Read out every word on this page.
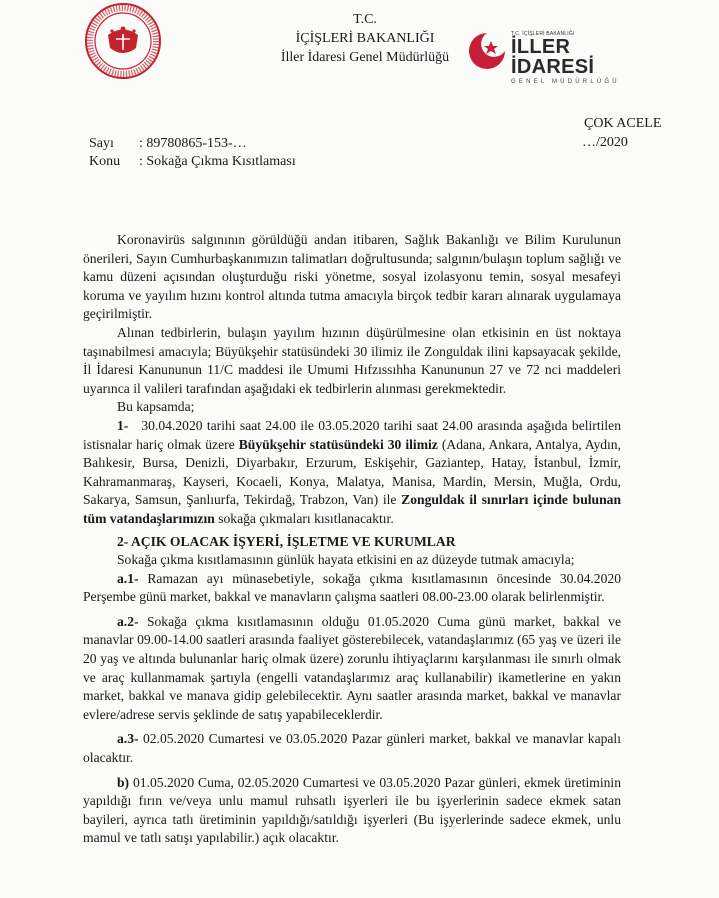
T.C.
İÇİŞLERİ BAKANLIĞI
İller İdaresi Genel Müdürlüğü
T.C. İÇİŞLERİ BAKANLIĞI
İLLER İDARESİ
GENEL MÜDÜRLÜĞÜ
ÇOK ACELE
…/2020
Sayı : 89780865-153-…
Konu : Sokağa Çıkma Kısıtlaması

Koronavirüs salgınının görüldüğü andan itibaren, Sağlık Bakanlığı ve Bilim Kurulunun önerileri, Sayın Cumhurbaşkanımızın talimatları doğrultusunda; salgının/bulaşın toplum sağlığı ve kamu düzeni açısından oluşturduğu riski yönetme, sosyal izolasyonu temin, sosyal mesafeyi koruma ve yayılım hızını kontrol altında tutma amacıyla birçok tedbir kararı alınarak uygulamaya geçirilmiştir.

Alınan tedbirlerin, bulaşın yayılım hızının düşürülmesine olan etkisinin en üst noktaya taşınabilmesi amacıyla; Büyükşehir statüsündeki 30 ilimiz ile Zonguldak ilini kapsayacak şekilde, İl İdaresi Kanununun 11/C maddesi ile Umumi Hıfzıssıhha Kanununun 27 ve 72 nci maddeleri uyarınca il valileri tarafından aşağıdaki ek tedbirlerin alınması gerekmektedir.

Bu kapsamda;

1- 30.04.2020 tarihi saat 24.00 ile 03.05.2020 tarihi saat 24.00 arasında aşağıda belirtilen istisnalar hariç olmak üzere Büyükşehir statüsündeki 30 ilimiz (Adana, Ankara, Antalya, Aydın, Balıkesir, Bursa, Denizli, Diyarbakır, Erzurum, Eskişehir, Gaziantep, Hatay, İstanbul, İzmir, Kahramanmaraş, Kayseri, Kocaeli, Konya, Malatya, Manisa, Mardin, Mersin, Muğla, Ordu, Sakarya, Samsun, Şanlıurfa, Tekirdağ, Trabzon, Van) ile Zonguldak il sınırları içinde bulunan tüm vatandaşlarımızın sokağa çıkmaları kısıtlanacaktır.

2- AÇIK OLACAK İŞYERİ, İŞLETME VE KURUMLAR

Sokağa çıkma kısıtlamasının günlük hayata etkisini en az düzeyde tutmak amacıyla;

a.1- Ramazan ayı münasebetiyle, sokağa çıkma kısıtlamasının öncesinde 30.04.2020 Perşembe günü market, bakkal ve manavların çalışma saatleri 08.00-23.00 olarak belirlenmiştir.

a.2- Sokağa çıkma kısıtlamasının olduğu 01.05.2020 Cuma günü market, bakkal ve manavlar 09.00-14.00 saatleri arasında faaliyet gösterebilecek, vatandaşlarımız (65 yaş ve üzeri ile 20 yaş ve altında bulunanlar hariç olmak üzere) zorunlu ihtiyaçlarını karşılanması ile sınırlı olmak ve araç kullanmamak şartıyla (engelli vatandaşlarımız araç kullanabilir) ikametlerine en yakın market, bakkal ve manava gidip gelebilecektir. Aynı saatler arasında market, bakkal ve manavlar evlere/adrese servis şeklinde de satış yapabileceklerdir.

a.3- 02.05.2020 Cumartesi ve 03.05.2020 Pazar günleri market, bakkal ve manavlar kapalı olacaktır.

b) 01.05.2020 Cuma, 02.05.2020 Cumartesi ve 03.05.2020 Pazar günleri, ekmek üretiminin yapıldığı fırın ve/veya unlu mamul ruhsatlı işyerleri ile bu işyerlerinin sadece ekmek satan bayileri, ayrıca tatlı üretiminin yapıldığı/satıldığı işyerleri (Bu işyerlerinde sadece ekmek, unlu mamul ve tatlı satışı yapılabilir.) açık olacaktır.
